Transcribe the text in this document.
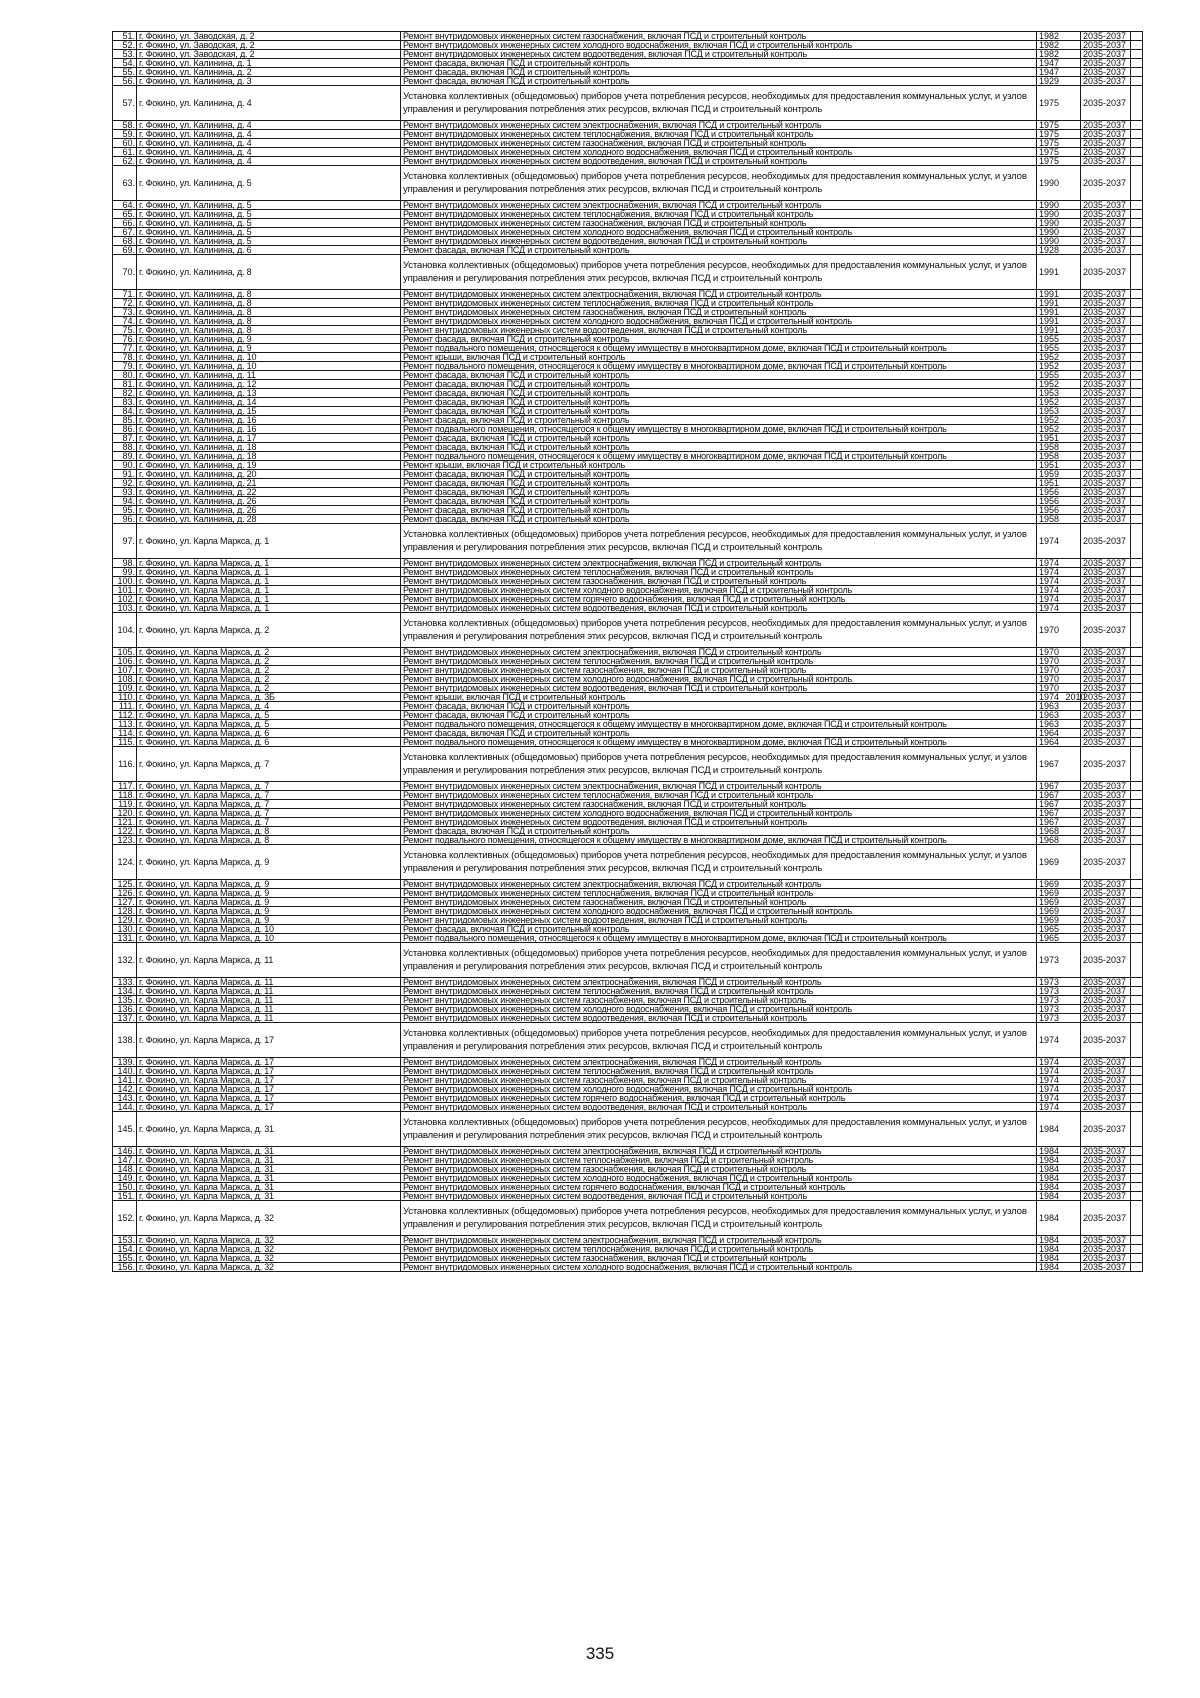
51.	г. Фокино, ул. Заводская, д. 2	Ремонт внутридомовых инженерных систем газоснабжения, включая ПСД и строительный контроль	1982		2035-2037	
52.	г. Фокино, ул. Заводская, д. 2	Ремонт внутридомовых инженерных систем холодного водоснабжения, включая ПСД и строительный контроль	1982		2035-2037	
53.	г. Фокино, ул. Заводская, д. 2	Ремонт внутридомовых инженерных систем водоотведения, включая ПСД и строительный контроль	1982		2035-2037	
54.	г. Фокино, ул. Калинина, д. 1	Ремонт фасада, включая ПСД и строительный контроль	1947		2035-2037	
55.	г. Фокино, ул. Калинина, д. 2	Ремонт фасада, включая ПСД и строительный контроль	1947		2035-2037	
56.	г. Фокино, ул. Калинина, д. 3	Ремонт фасада, включая ПСД и строительный контроль	1929		2035-2037	
57.	г. Фокино, ул. Калинина, д. 4	Установка коллективных (общедомовых) приборов учета потребления ресурсов, необходимых для предоставления коммунальных услуг, и узлов управления и регулирования потребления этих ресурсов, включая ПСД и строительный контроль	1975		2035-2037	
58.	г. Фокино, ул. Калинина, д. 4	Ремонт внутридомовых инженерных систем электроснабжения, включая ПСД и строительный контроль	1975		2035-2037	
59.	г. Фокино, ул. Калинина, д. 4	Ремонт внутридомовых инженерных систем теплоснабжения, включая ПСД и строительный контроль	1975		2035-2037	
60.	г. Фокино, ул. Калинина, д. 4	Ремонт внутридомовых инженерных систем газоснабжения, включая ПСД и строительный контроль	1975		2035-2037	
61.	г. Фокино, ул. Калинина, д. 4	Ремонт внутридомовых инженерных систем холодного водоснабжения, включая ПСД и строительный контроль	1975		2035-2037	
62.	г. Фокино, ул. Калинина, д. 4	Ремонт внутридомовых инженерных систем водоотведения, включая ПСД и строительный контроль	1975		2035-2037	
63.	г. Фокино, ул. Калинина, д. 5	Установка коллективных (общедомовых) приборов учета потребления ресурсов, необходимых для предоставления коммунальных услуг, и узлов управления и регулирования потребления этих ресурсов, включая ПСД и строительный контроль	1990		2035-2037	
64.	г. Фокино, ул. Калинина, д. 5	Ремонт внутридомовых инженерных систем электроснабжения, включая ПСД и строительный контроль	1990		2035-2037	
65.	г. Фокино, ул. Калинина, д. 5	Ремонт внутридомовых инженерных систем теплоснабжения, включая ПСД и строительный контроль	1990		2035-2037	
66.	г. Фокино, ул. Калинина, д. 5	Ремонт внутридомовых инженерных систем газоснабжения, включая ПСД и строительный контроль	1990		2035-2037	
67.	г. Фокино, ул. Калинина, д. 5	Ремонт внутридомовых инженерных систем холодного водоснабжения, включая ПСД и строительный контроль	1990		2035-2037	
68.	г. Фокино, ул. Калинина, д. 5	Ремонт внутридомовых инженерных систем водоотведения, включая ПСД и строительный контроль	1990		2035-2037	
69.	г. Фокино, ул. Калинина, д. 6	Ремонт фасада, включая ПСД и строительный контроль	1928		2035-2037	
70.	г. Фокино, ул. Калинина, д. 8	Установка коллективных (общедомовых) приборов учета потребления ресурсов, необходимых для предоставления коммунальных услуг, и узлов управления и регулирования потребления этих ресурсов, включая ПСД и строительный контроль	1991		2035-2037	
71.	г. Фокино, ул. Калинина, д. 8	Ремонт внутридомовых инженерных систем электроснабжения, включая ПСД и строительный контроль	1991		2035-2037	
72.	г. Фокино, ул. Калинина, д. 8	Ремонт внутридомовых инженерных систем теплоснабжения, включая ПСД и строительный контроль	1991		2035-2037	
73.	г. Фокино, ул. Калинина, д. 8	Ремонт внутридомовых инженерных систем газоснабжения, включая ПСД и строительный контроль	1991		2035-2037	
74.	г. Фокино, ул. Калинина, д. 8	Ремонт внутридомовых инженерных систем холодного водоснабжения, включая ПСД и строительный контроль	1991		2035-2037	
75.	г. Фокино, ул. Калинина, д. 8	Ремонт внутридомовых инженерных систем водоотведения, включая ПСД и строительный контроль	1991		2035-2037	
76.	г. Фокино, ул. Калинина, д. 9	Ремонт фасада, включая ПСД и строительный контроль	1955		2035-2037	
77.	г. Фокино, ул. Калинина, д. 9	Ремонт подвального помещения, относящегося к общему имуществу в многоквартирном доме, включая ПСД и строительный контроль	1955		2035-2037	
78.	г. Фокино, ул. Калинина, д. 10	Ремонт крыши, включая ПСД и строительный контроль	1952		2035-2037	
79.	г. Фокино, ул. Калинина, д. 10	Ремонт подвального помещения, относящегося к общему имуществу в многоквартирном доме, включая ПСД и строительный контроль	1952		2035-2037	
80.	г. Фокино, ул. Калинина, д. 11	Ремонт фасада, включая ПСД и строительный контроль	1955		2035-2037	
81.	г. Фокино, ул. Калинина, д. 12	Ремонт фасада, включая ПСД и строительный контроль	1952		2035-2037	
82.	г. Фокино, ул. Калинина, д. 13	Ремонт фасада, включая ПСД и строительный контроль	1953		2035-2037	
83.	г. Фокино, ул. Калинина, д. 14	Ремонт фасада, включая ПСД и строительный контроль	1952		2035-2037	
84.	г. Фокино, ул. Калинина, д. 15	Ремонт фасада, включая ПСД и строительный контроль	1953		2035-2037	
85.	г. Фокино, ул. Калинина, д. 16	Ремонт фасада, включая ПСД и строительный контроль	1952		2035-2037	
86.	г. Фокино, ул. Калинина, д. 16	Ремонт подвального помещения, относящегося к общему имуществу в многоквартирном доме, включая ПСД и строительный контроль	1952		2035-2037	
87.	г. Фокино, ул. Калинина, д. 17	Ремонт фасада, включая ПСД и строительный контроль	1951		2035-2037	
88.	г. Фокино, ул. Калинина, д. 18	Ремонт фасада, включая ПСД и строительный контроль	1958		2035-2037	
89.	г. Фокино, ул. Калинина, д. 18	Ремонт подвального помещения, относящегося к общему имуществу в многоквартирном доме, включая ПСД и строительный контроль	1958		2035-2037	
90.	г. Фокино, ул. Калинина, д. 19	Ремонт крыши, включая ПСД и строительный контроль	1951		2035-2037	
91.	г. Фокино, ул. Калинина, д. 20	Ремонт фасада, включая ПСД и строительный контроль	1959		2035-2037	
92.	г. Фокино, ул. Калинина, д. 21	Ремонт фасада, включая ПСД и строительный контроль	1951		2035-2037	
93.	г. Фокино, ул. Калинина, д. 22	Ремонт фасада, включая ПСД и строительный контроль	1956		2035-2037	
94.	г. Фокино, ул. Калинина, д. 26	Ремонт фасада, включая ПСД и строительный контроль	1956		2035-2037	
95.	г. Фокино, ул. Калинина, д. 26	Ремонт фасада, включая ПСД и строительный контроль	1956		2035-2037	
96.	г. Фокино, ул. Калинина, д. 28	Ремонт фасада, включая ПСД и строительный контроль	1958		2035-2037	
97.	г. Фокино, ул. Карла Маркса, д. 1	Установка коллективных (общедомовых) приборов учета потребления ресурсов, необходимых для предоставления коммунальных услуг, и узлов управления и регулирования потребления этих ресурсов, включая ПСД и строительный контроль	1974		2035-2037	
98.	г. Фокино, ул. Карла Маркса, д. 1	Ремонт внутридомовых инженерных систем электроснабжения, включая ПСД и строительный контроль	1974		2035-2037	
99.	г. Фокино, ул. Карла Маркса, д. 1	Ремонт внутридомовых инженерных систем теплоснабжения, включая ПСД и строительный контроль	1974		2035-2037	
100.	г. Фокино, ул. Карла Маркса, д. 1	Ремонт внутридомовых инженерных систем газоснабжения, включая ПСД и строительный контроль	1974		2035-2037	
101.	г. Фокино, ул. Карла Маркса, д. 1	Ремонт внутридомовых инженерных систем холодного водоснабжения, включая ПСД и строительный контроль	1974		2035-2037	
102.	г. Фокино, ул. Карла Маркса, д. 1	Ремонт внутридомовых инженерных систем горячего водоснабжения, включая ПСД и строительный контроль	1974		2035-2037	
103.	г. Фокино, ул. Карла Маркса, д. 1	Ремонт внутридомовых инженерных систем водоотведения, включая ПСД и строительный контроль	1974		2035-2037	
104.	г. Фокино, ул. Карла Маркса, д. 2	Установка коллективных (общедомовых) приборов учета потребления ресурсов, необходимых для предоставления коммунальных услуг, и узлов управления и регулирования потребления этих ресурсов, включая ПСД и строительный контроль	1970		2035-2037	
105.	г. Фокино, ул. Карла Маркса, д. 2	Ремонт внутридомовых инженерных систем электроснабжения, включая ПСД и строительный контроль	1970		2035-2037	
106.	г. Фокино, ул. Карла Маркса, д. 2	Ремонт внутридомовых инженерных систем теплоснабжения, включая ПСД и строительный контроль	1970		2035-2037	
107.	г. Фокино, ул. Карла Маркса, д. 2	Ремонт внутридомовых инженерных систем газоснабжения, включая ПСД и строительный контроль	1970		2035-2037	
108.	г. Фокино, ул. Карла Маркса, д. 2	Ремонт внутридомовых инженерных систем холодного водоснабжения, включая ПСД и строительный контроль	1970		2035-2037	
109.	г. Фокино, ул. Карла Маркса, д. 2	Ремонт внутридомовых инженерных систем водоотведения, включая ПСД и строительный контроль	1970		2035-2037	
110.	г. Фокино, ул. Карла Маркса, д. 3Б	Ремонт крыши, включая ПСД и строительный контроль	1974	2010	2035-2037	
111.	г. Фокино, ул. Карла Маркса, д. 4	Ремонт фасада, включая ПСД и строительный контроль	1963		2035-2037	
112.	г. Фокино, ул. Карла Маркса, д. 5	Ремонт фасада, включая ПСД и строительный контроль	1963		2035-2037	
113.	г. Фокино, ул. Карла Маркса, д. 5	Ремонт подвального помещения, относящегося к общему имуществу в многоквартирном доме, включая ПСД и строительный контроль	1963		2035-2037	
114.	г. Фокино, ул. Карла Маркса, д. 6	Ремонт фасада, включая ПСД и строительный контроль	1964		2035-2037	
115.	г. Фокино, ул. Карла Маркса, д. 6	Ремонт подвального помещения, относящегося к общему имуществу в многоквартирном доме, включая ПСД и строительный контроль	1964		2035-2037	
116.	г. Фокино, ул. Карла Маркса, д. 7	Установка коллективных (общедомовых) приборов учета потребления ресурсов, необходимых для предоставления коммунальных услуг, и узлов управления и регулирования потребления этих ресурсов, включая ПСД и строительный контроль	1967		2035-2037	
117.	г. Фокино, ул. Карла Маркса, д. 7	Ремонт внутридомовых инженерных систем электроснабжения, включая ПСД и строительный контроль	1967		2035-2037	
118.	г. Фокино, ул. Карла Маркса, д. 7	Ремонт внутридомовых инженерных систем теплоснабжения, включая ПСД и строительный контроль	1967		2035-2037	
119.	г. Фокино, ул. Карла Маркса, д. 7	Ремонт внутридомовых инженерных систем газоснабжения, включая ПСД и строительный контроль	1967		2035-2037	
120.	г. Фокино, ул. Карла Маркса, д. 7	Ремонт внутридомовых инженерных систем холодного водоснабжения, включая ПСД и строительный контроль	1967		2035-2037	
121.	г. Фокино, ул. Карла Маркса, д. 7	Ремонт внутридомовых инженерных систем водоотведения, включая ПСД и строительный контроль	1967		2035-2037	
122.	г. Фокино, ул. Карла Маркса, д. 8	Ремонт фасада, включая ПСД и строительный контроль	1968		2035-2037	
123.	г. Фокино, ул. Карла Маркса, д. 8	Ремонт подвального помещения, относящегося к общему имуществу в многоквартирном доме, включая ПСД и строительный контроль	1968		2035-2037	
124.	г. Фокино, ул. Карла Маркса, д. 9	Установка коллективных (общедомовых) приборов учета потребления ресурсов, необходимых для предоставления коммунальных услуг, и узлов управления и регулирования потребления этих ресурсов, включая ПСД и строительный контроль	1969		2035-2037	
125.	г. Фокино, ул. Карла Маркса, д. 9	Ремонт внутридомовых инженерных систем электроснабжения, включая ПСД и строительный контроль	1969		2035-2037	
126.	г. Фокино, ул. Карла Маркса, д. 9	Ремонт внутридомовых инженерных систем теплоснабжения, включая ПСД и строительный контроль	1969		2035-2037	
127.	г. Фокино, ул. Карла Маркса, д. 9	Ремонт внутридомовых инженерных систем газоснабжения, включая ПСД и строительный контроль	1969		2035-2037	
128.	г. Фокино, ул. Карла Маркса, д. 9	Ремонт внутридомовых инженерных систем холодного водоснабжения, включая ПСД и строительный контроль	1969		2035-2037	
129.	г. Фокино, ул. Карла Маркса, д. 9	Ремонт внутридомовых инженерных систем водоотведения, включая ПСД и строительный контроль	1969		2035-2037	
130.	г. Фокино, ул. Карла Маркса, д. 10	Ремонт фасада, включая ПСД и строительный контроль	1965		2035-2037	
131.	г. Фокино, ул. Карла Маркса, д. 10	Ремонт подвального помещения, относящегося к общему имуществу в многоквартирном доме, включая ПСД и строительный контроль	1965		2035-2037	
132.	г. Фокино, ул. Карла Маркса, д. 11	Установка коллективных (общедомовых) приборов учета потребления ресурсов, необходимых для предоставления коммунальных услуг, и узлов управления и регулирования потребления этих ресурсов, включая ПСД и строительный контроль	1973		2035-2037	
133.	г. Фокино, ул. Карла Маркса, д. 11	Ремонт внутридомовых инженерных систем электроснабжения, включая ПСД и строительный контроль	1973		2035-2037	
134.	г. Фокино, ул. Карла Маркса, д. 11	Ремонт внутридомовых инженерных систем теплоснабжения, включая ПСД и строительный контроль	1973		2035-2037	
135.	г. Фокино, ул. Карла Маркса, д. 11	Ремонт внутридомовых инженерных систем газоснабжения, включая ПСД и строительный контроль	1973		2035-2037	
136.	г. Фокино, ул. Карла Маркса, д. 11	Ремонт внутридомовых инженерных систем холодного водоснабжения, включая ПСД и строительный контроль	1973		2035-2037	
137.	г. Фокино, ул. Карла Маркса, д. 11	Ремонт внутридомовых инженерных систем водоотведения, включая ПСД и строительный контроль	1973		2035-2037	
138.	г. Фокино, ул. Карла Маркса, д. 17	Установка коллективных (общедомовых) приборов учета потребления ресурсов, необходимых для предоставления коммунальных услуг, и узлов управления и регулирования потребления этих ресурсов, включая ПСД и строительный контроль	1974		2035-2037	
139.	г. Фокино, ул. Карла Маркса, д. 17	Ремонт внутридомовых инженерных систем электроснабжения, включая ПСД и строительный контроль	1974		2035-2037	
140.	г. Фокино, ул. Карла Маркса, д. 17	Ремонт внутридомовых инженерных систем теплоснабжения, включая ПСД и строительный контроль	1974		2035-2037	
141.	г. Фокино, ул. Карла Маркса, д. 17	Ремонт внутридомовых инженерных систем газоснабжения, включая ПСД и строительный контроль	1974		2035-2037	
142.	г. Фокино, ул. Карла Маркса, д. 17	Ремонт внутридомовых инженерных систем холодного водоснабжения, включая ПСД и строительный контроль	1974		2035-2037	
143.	г. Фокино, ул. Карла Маркса, д. 17	Ремонт внутридомовых инженерных систем горячего водоснабжения, включая ПСД и строительный контроль	1974		2035-2037	
144.	г. Фокино, ул. Карла Маркса, д. 17	Ремонт внутридомовых инженерных систем водоотведения, включая ПСД и строительный контроль	1974		2035-2037	
145.	г. Фокино, ул. Карла Маркса, д. 31	Установка коллективных (общедомовых) приборов учета потребления ресурсов, необходимых для предоставления коммунальных услуг, и узлов управления и регулирования потребления этих ресурсов, включая ПСД и строительный контроль	1984		2035-2037	
146.	г. Фокино, ул. Карла Маркса, д. 31	Ремонт внутридомовых инженерных систем электроснабжения, включая ПСД и строительный контроль	1984		2035-2037	
147.	г. Фокино, ул. Карла Маркса, д. 31	Ремонт внутридомовых инженерных систем теплоснабжения, включая ПСД и строительный контроль	1984		2035-2037	
148.	г. Фокино, ул. Карла Маркса, д. 31	Ремонт внутридомовых инженерных систем газоснабжения, включая ПСД и строительный контроль	1984		2035-2037	
149.	г. Фокино, ул. Карла Маркса, д. 31	Ремонт внутридомовых инженерных систем холодного водоснабжения, включая ПСД и строительный контроль	1984		2035-2037	
150.	г. Фокино, ул. Карла Маркса, д. 31	Ремонт внутридомовых инженерных систем горячего водоснабжения, включая ПСД и строительный контроль	1984		2035-2037	
151.	г. Фокино, ул. Карла Маркса, д. 31	Ремонт внутридомовых инженерных систем водоотведения, включая ПСД и строительный контроль	1984		2035-2037	
152.	г. Фокино, ул. Карла Маркса, д. 32	Установка коллективных (общедомовых) приборов учета потребления ресурсов, необходимых для предоставления коммунальных услуг, и узлов управления и регулирования потребления этих ресурсов, включая ПСД и строительный контроль	1984		2035-2037	
153.	г. Фокино, ул. Карла Маркса, д. 32	Ремонт внутридомовых инженерных систем электроснабжения, включая ПСД и строительный контроль	1984		2035-2037	
154.	г. Фокино, ул. Карла Маркса, д. 32	Ремонт внутридомовых инженерных систем теплоснабжения, включая ПСД и строительный контроль	1984		2035-2037	
155.	г. Фокино, ул. Карла Маркса, д. 32	Ремонт внутридомовых инженерных систем газоснабжения, включая ПСД и строительный контроль	1984		2035-2037	
156.	г. Фокино, ул. Карла Маркса, д. 32	Ремонт внутридомовых инженерных систем холодного водоснабжения, включая ПСД и строительный контроль	1984		2035-2037	
335
